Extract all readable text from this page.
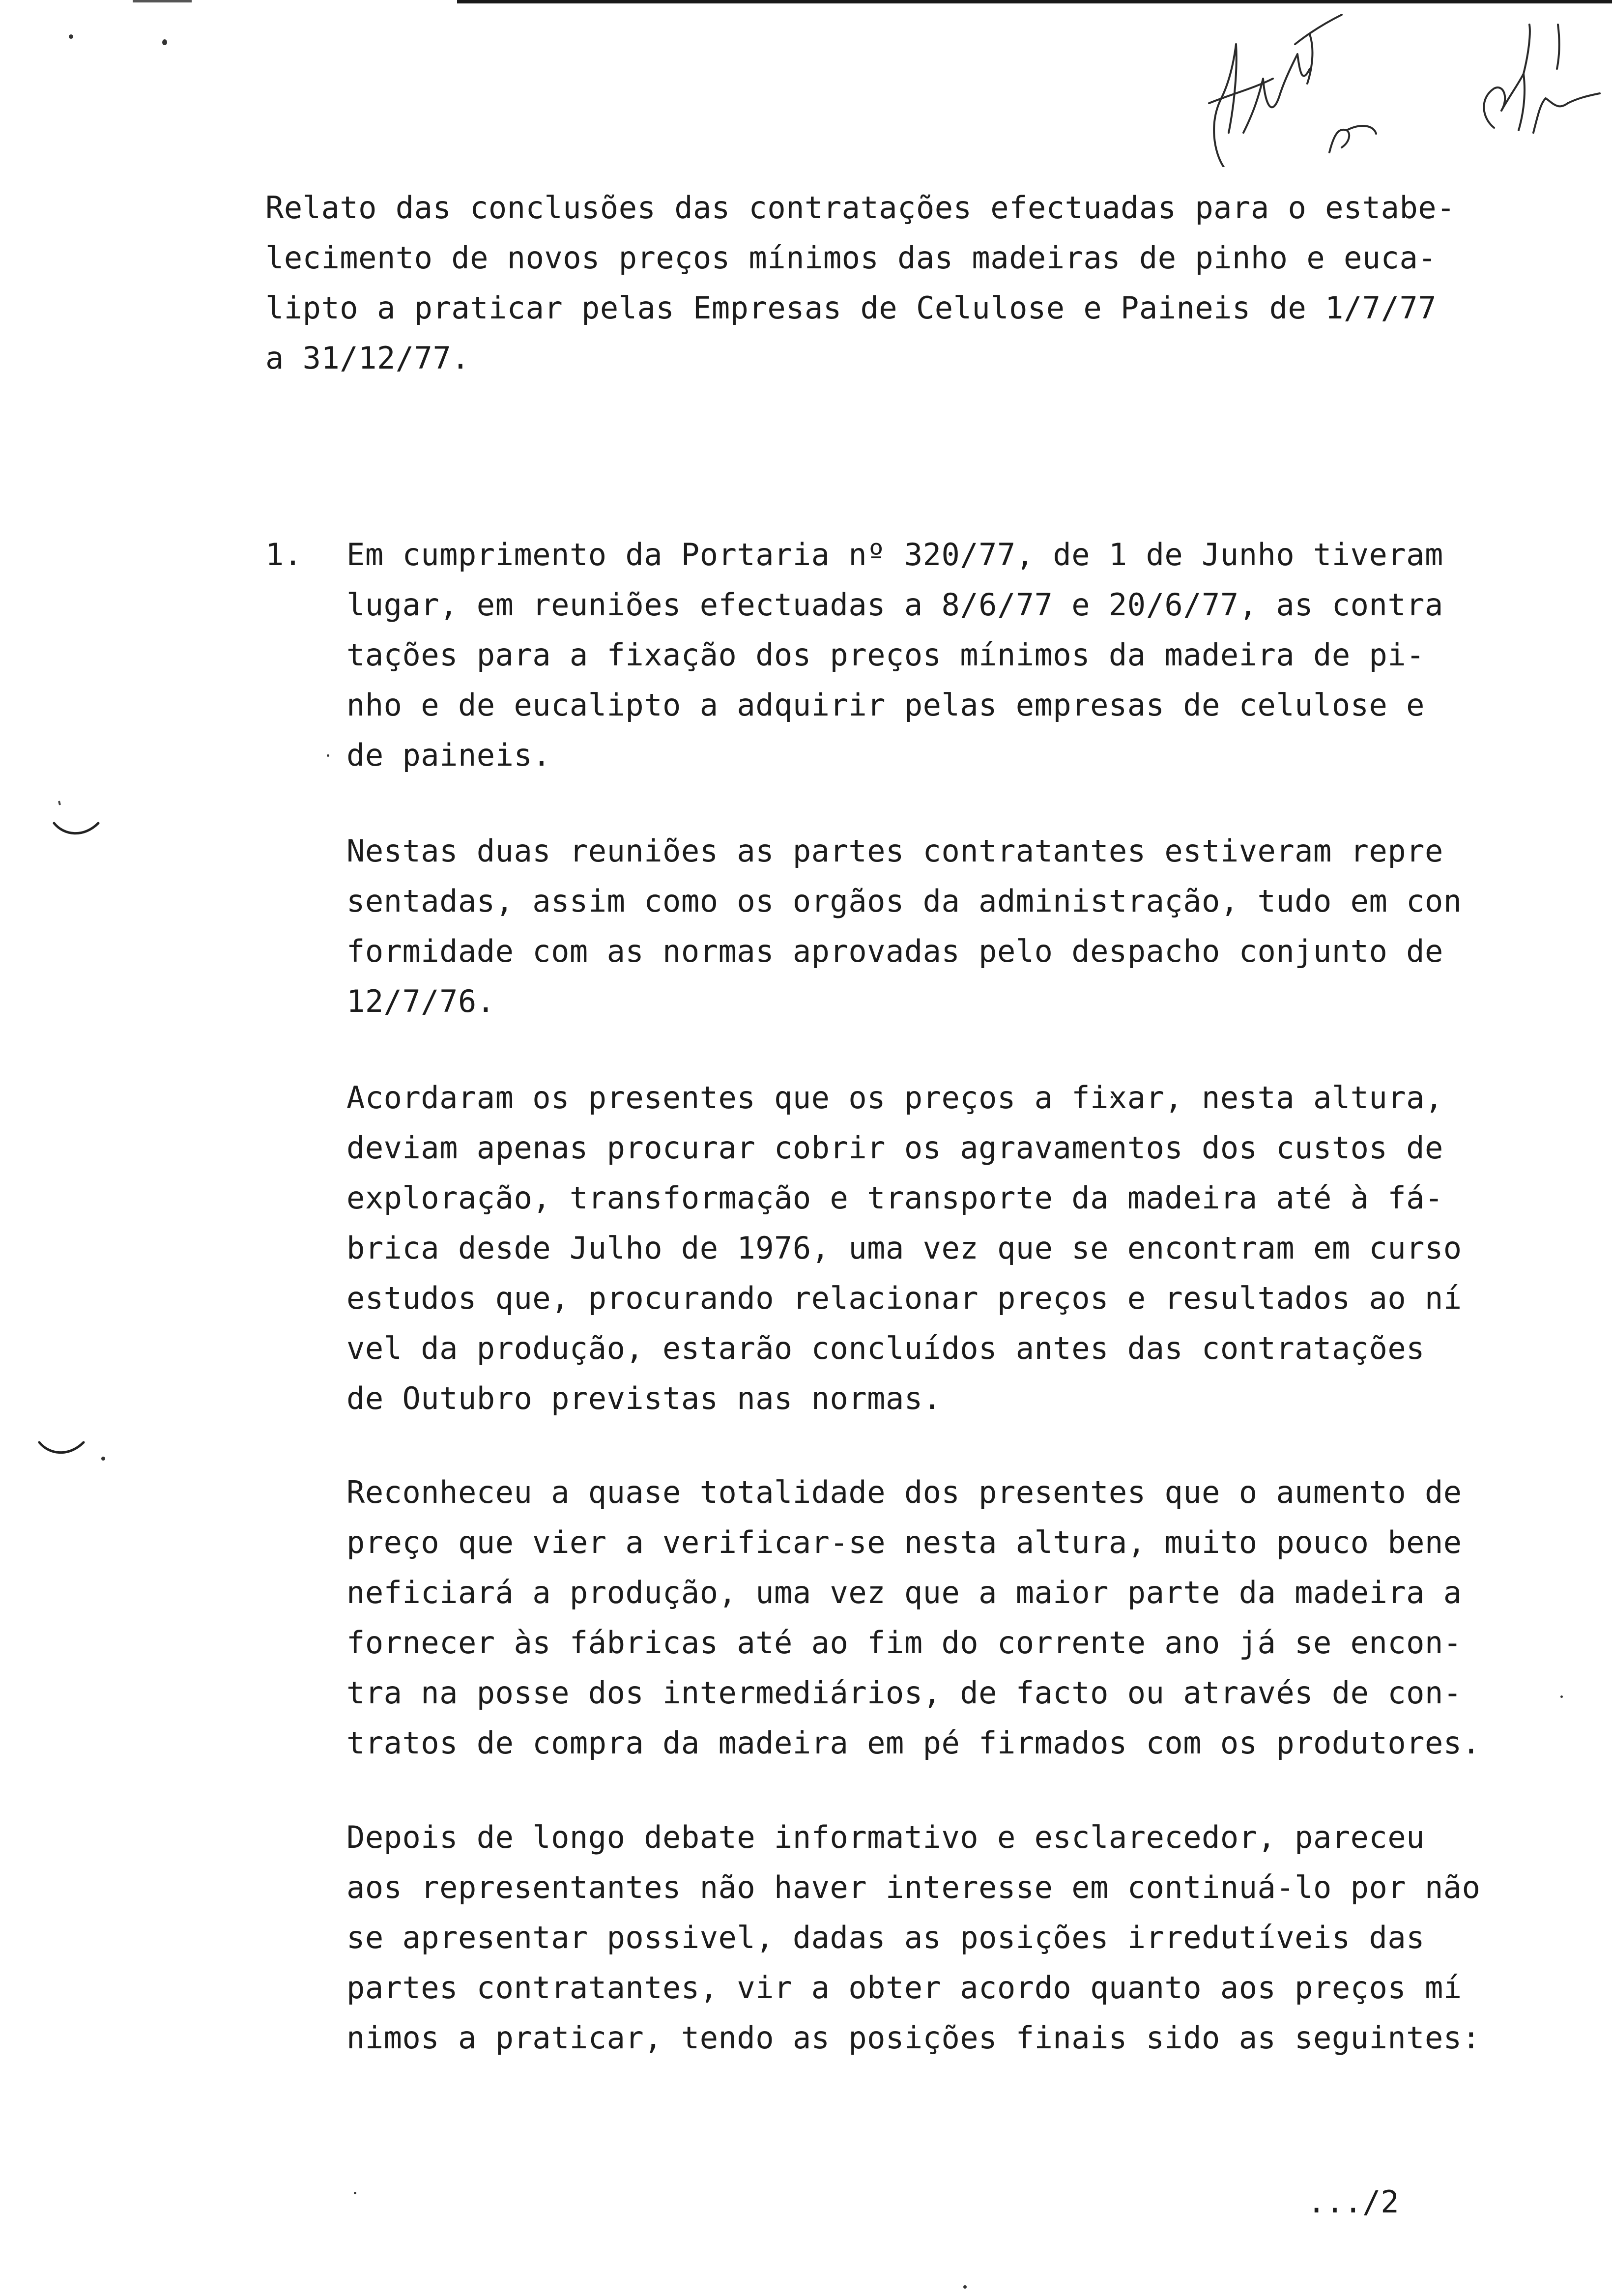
Relato das conclusões das contratações efectuadas para o estabe-
lecimento de novos preços mínimos das madeiras de pinho e euca-
lipto a praticar pelas Empresas de Celulose e Paineis de 1/7/77
a 31/12/77.
1. Em cumprimento da Portaria nº 320/77, de 1 de Junho tiveram
lugar, em reuniões efectuadas a 8/6/77 e 20/6/77, as contra
tações para a fixação dos preços mínimos da madeira de pi-
nho e de eucalipto a adquirir pelas empresas de celulose e
de paineis.
Nestas duas reuniões as partes contratantes estiveram repre
sentadas, assim como os orgãos da administração, tudo em con
formidade com as normas aprovadas pelo despacho conjunto de
12/7/76.
Acordaram os presentes que os preços a fixar, nesta altura,
deviam apenas procurar cobrir os agravamentos dos custos de
exploração, transformação e transporte da madeira até à fá-
brica desde Julho de 1976, uma vez que se encontram em curso
estudos que, procurando relacionar preços e resultados ao ní
vel da produção, estarão concluídos antes das contratações
de Outubro previstas nas normas.
Reconheceu a quase totalidade dos presentes que o aumento de
preço que vier a verificar-se nesta altura, muito pouco bene
neficiará a produção, uma vez que a maior parte da madeira a
fornecer às fábricas até ao fim do corrente ano já se encon-
tra na posse dos intermediários, de facto ou através de con-
tratos de compra da madeira em pé firmados com os produtores.
Depois de longo debate informativo e esclarecedor, pareceu
aos representantes não haver interesse em continuá-lo por não
se apresentar possivel, dadas as posições irredutíveis das
partes contratantes, vir a obter acordo quanto aos preços mí
nimos a praticar, tendo as posições finais sido as seguintes:
.../2
